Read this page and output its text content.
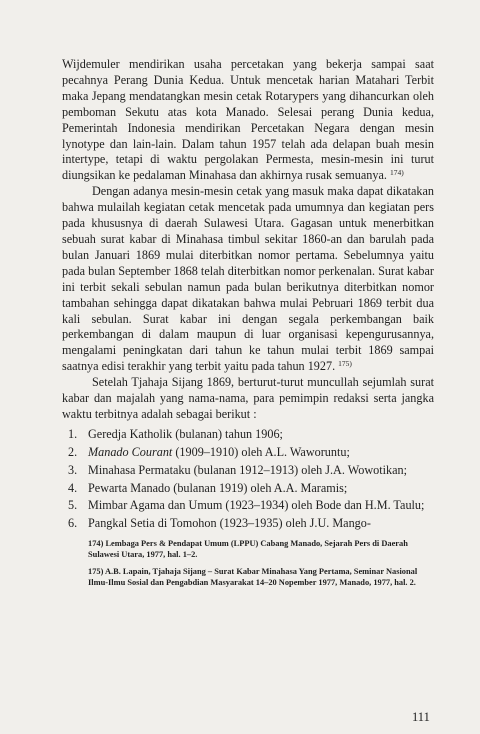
Wijdemuler mendirikan usaha percetakan yang bekerja sampai saat pecahnya Perang Dunia Kedua. Untuk mencetak harian Matahari Terbit maka Jepang mendatangkan mesin cetak Rotarypers yang dihancurkan oleh pemboman Sekutu atas kota Manado. Selesai perang Dunia kedua, Pemerintah Indonesia mendirikan Percetakan Negara dengan mesin lynotype dan lain-lain. Dalam tahun 1957 telah ada delapan buah mesin intertype, tetapi di waktu pergolakan Permesta, mesin-mesin ini turut diungsikan ke pedalaman Minahasa dan akhirnya rusak semuanya. $^{174)}$

Dengan adanya mesin-mesin cetak yang masuk maka dapat dikatakan bahwa mulailah kegiatan cetak mencetak pada umumnya dan kegiatan pers pada khususnya di daerah Sulawesi Utara. Gagasan untuk menerbitkan sebuah surat kabar di Minahasa timbul sekitar 1860-an dan barulah pada bulan Januari 1869 mulai diterbitkan nomor pertama. Sebelumnya yaitu pada bulan September 1868 telah diterbitkan nomor perkenalan. Surat kabar ini terbit sekali sebulan namun pada bulan berikutnya diterbitkan nomor tambahan sehingga dapat dikatakan bahwa mulai Pebruari 1869 terbit dua kali sebulan. Surat kabar ini dengan segala perkembangan baik perkembangan di dalam maupun di luar organisasi kepengurusannya, mengalami peningkatan dari tahun ke tahun mulai terbit 1869 sampai saatnya edisi terakhir yang terbit yaitu pada tahun 1927. $^{175)}$

Setelah Tjahaja Sijang 1869, berturut-turut muncullah sejumlah surat kabar dan majalah yang nama-nama, para pemimpin redaksi serta jangka waktu terbitnya adalah sebagai berikut :

1. Geredja Katholik (bulanan) tahun 1906;
2. Manado Courant (1909–1910) oleh A.L. Waworuntu;
3. Minahasa Permataku (bulanan 1912–1913) oleh J.A. Wowotikan;
4. Pewarta Manado (bulanan 1919) oleh A.A. Maramis;
5. Mimbar Agama dan Umum (1923–1934) oleh Bode dan H.M. Taulu;
6. Pangkal Setia di Tomohon (1923–1935) oleh J.U. Mango-

174) Lembaga Pers & Pendapat Umum (LPPU) Cabang Manado, Sejarah Pers di Daerah Sulawesi Utara, 1977, hal. 1–2.

175) A.B. Lapain, Tjahaja Sijang – Surat Kabar Minahasa Yang Pertama, Seminar Nasional Ilmu-Ilmu Sosial dan Pengabdian Masyarakat 14–20 Nopember 1977, Manado, 1977, hal. 2.

111
